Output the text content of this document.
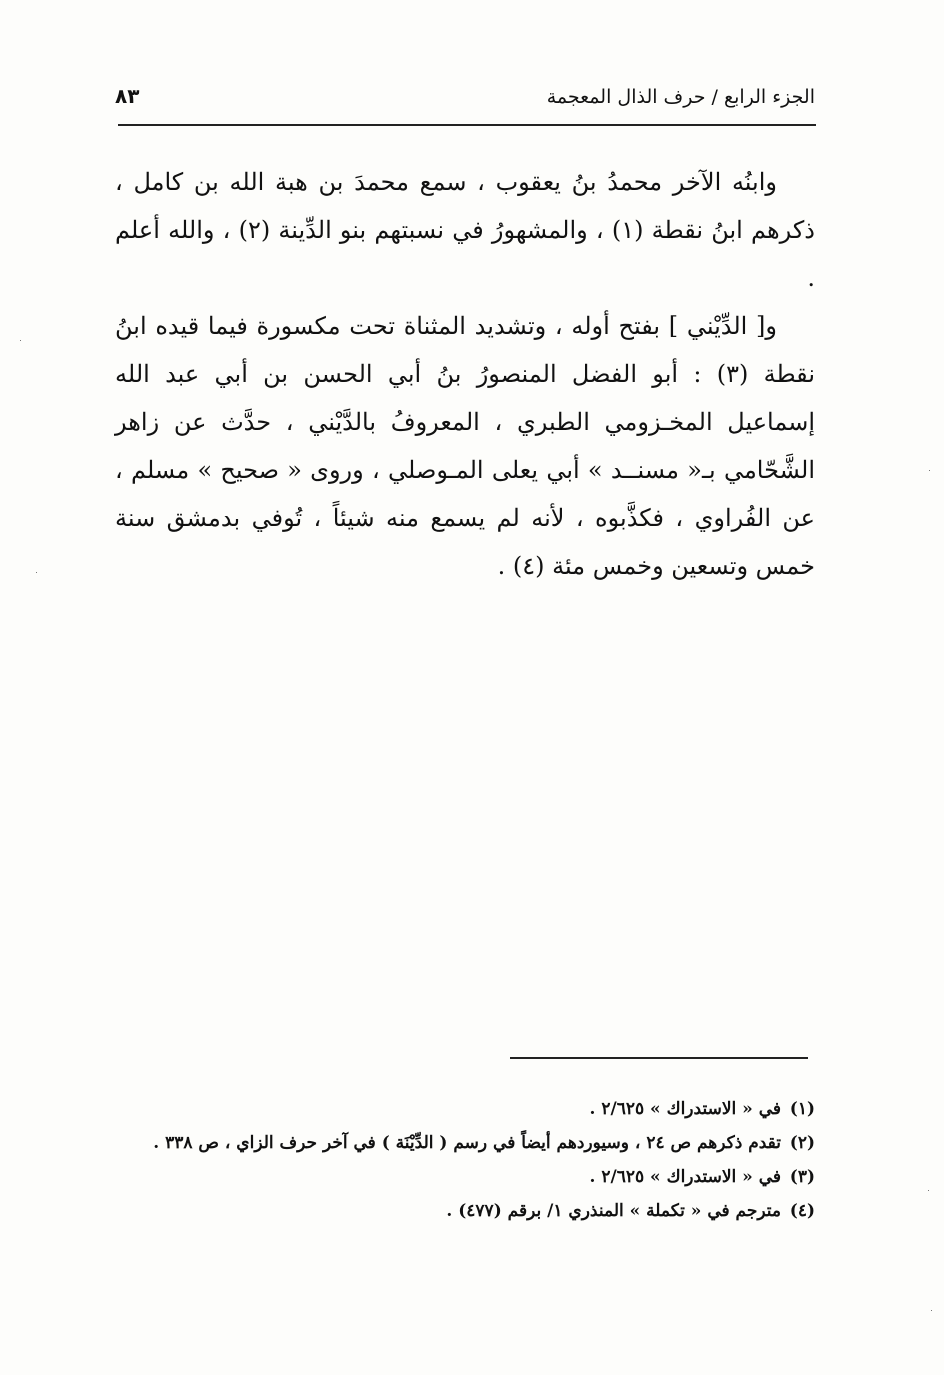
الجزء الرابع / حرف الذال المعجمة
٨٣

وابنُه الآخر محمدُ بنُ يعقوب ، سمع محمدَ بن هبة الله بن كامل ، ذكرهم ابنُ نقطة (١) ، والمشهورُ في نسبتهم بنو الدِّينة (٢) ، والله أعلم .

و[ الدِّيْني ] بفتح أوله ، وتشديد المثناة تحت مكسورة فيما قيده ابنُ نقطة (٣) : أبو الفضل المنصورُ بنُ أبي الحسن بن أبي عبد الله إسماعيل المخـزومي الطبري ، المعروفُ بالدَّيْني ، حدَّث عن زاهر الشَّحّامي بـ« مسنــد » أبي يعلى المـوصلي ، وروى « صحيح » مسلم ، عن الفُراوي ، فكذَّبوه ، لأنه لم يسمع منه شيئاً ، تُوفي بدمشق سنة خمس وتسعين وخمس مئة (٤) .

(١)
في « الاستدراك » ٢/٦٢٥ .
(٢)
تقدم ذكرهم ص ٢٤ ، وسيوردهم أيضاً في رسم ( الدِّيْنَة ) في آخر حرف الزاي ، ص ٣٣٨ .
(٣)
في « الاستدراك » ٢/٦٢٥ .
(٤)
مترجم في « تكملة » المنذري ١/ برقم (٤٧٧) .
